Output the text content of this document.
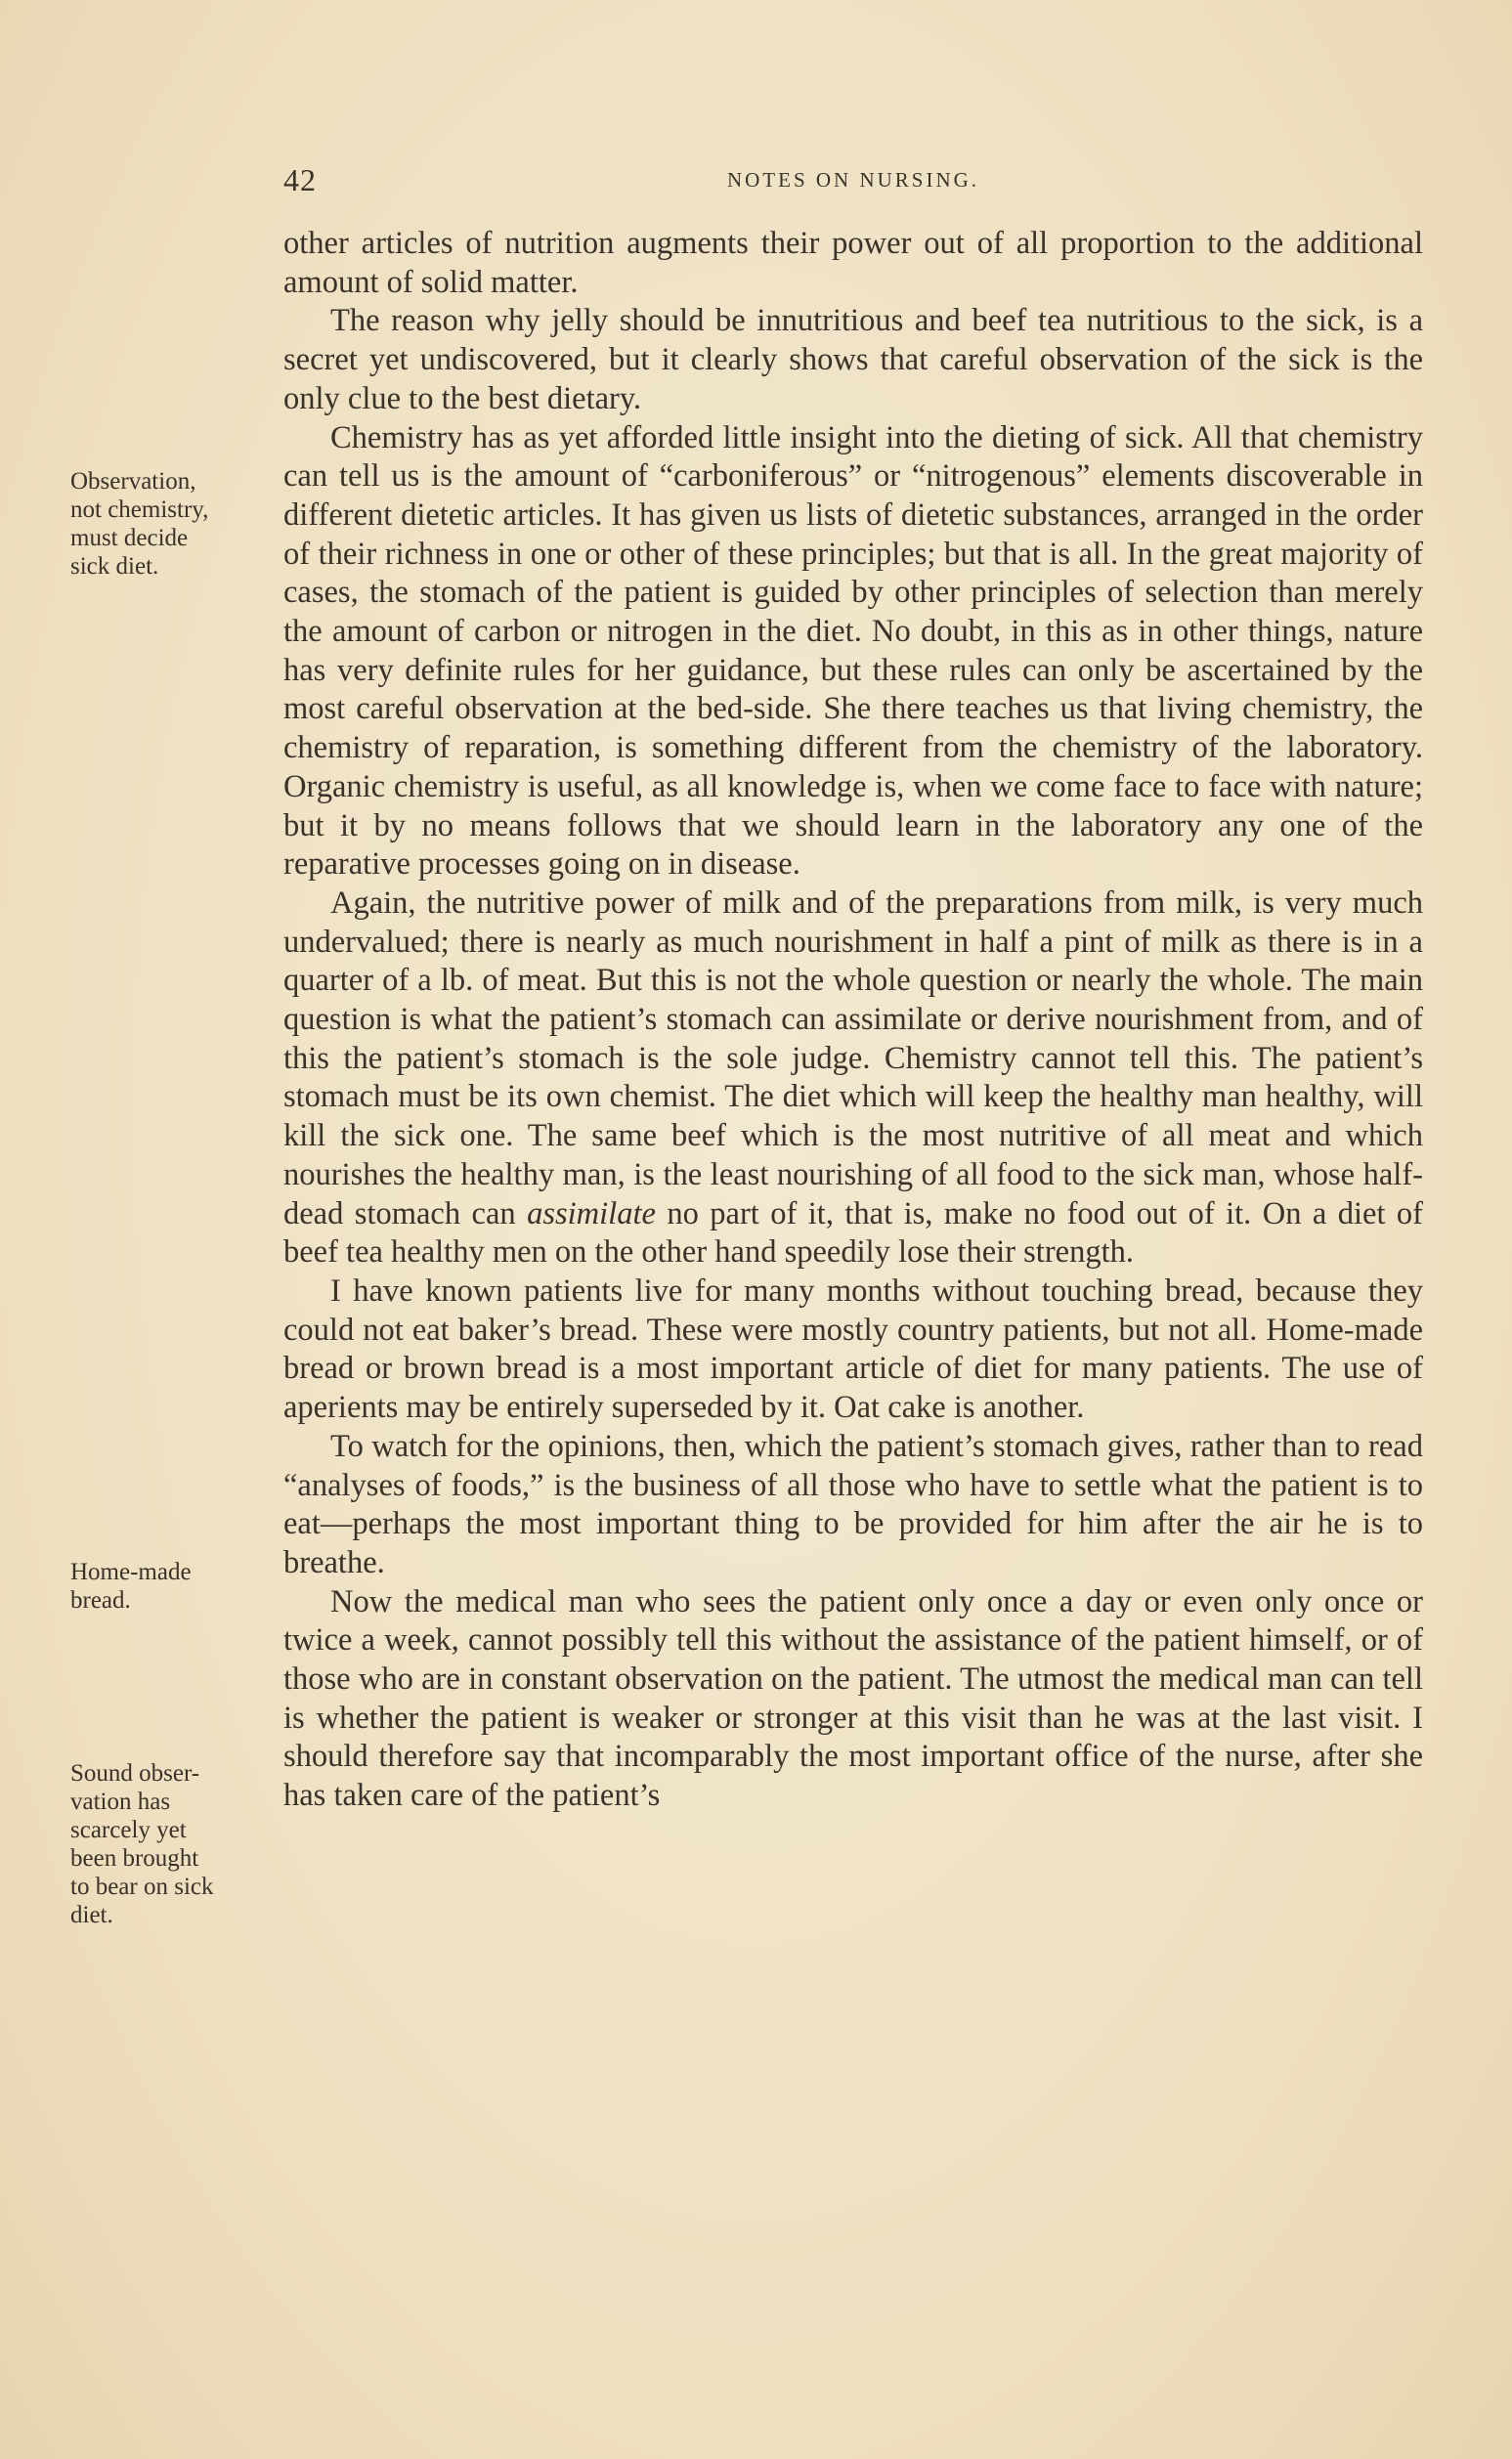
42	NOTES ON NURSING.
Observation,
not chemistry,
must decide
sick diet.
Home-made
bread.
Sound obser-
vation has
scarcely yet
been brought
to bear on sick
diet.

other articles of nutrition augments their power out of all proportion to the additional amount of solid matter.

The reason why jelly should be innutritious and beef tea nutritious to the sick, is a secret yet undiscovered, but it clearly shows that careful observation of the sick is the only clue to the best dietary.

Chemistry has as yet afforded little insight into the dieting of sick. All that chemistry can tell us is the amount of “carboniferous” or “nitrogenous” elements discoverable in different dietetic articles. It has given us lists of dietetic substances, arranged in the order of their richness in one or other of these principles; but that is all. In the great majority of cases, the stomach of the patient is guided by other principles of selection than merely the amount of carbon or nitrogen in the diet. No doubt, in this as in other things, nature has very definite rules for her guidance, but these rules can only be ascertained by the most careful observation at the bed-side. She there teaches us that living chemistry, the chemistry of reparation, is something different from the chemistry of the laboratory. Organic chemistry is useful, as all knowledge is, when we come face to face with nature; but it by no means follows that we should learn in the laboratory any one of the reparative processes going on in disease.

Again, the nutritive power of milk and of the preparations from milk, is very much undervalued; there is nearly as much nourishment in half a pint of milk as there is in a quarter of a lb. of meat. But this is not the whole question or nearly the whole. The main question is what the patient’s stomach can assimilate or derive nourishment from, and of this the patient’s stomach is the sole judge. Chemistry cannot tell this. The patient’s stomach must be its own chemist. The diet which will keep the healthy man healthy, will kill the sick one. The same beef which is the most nutritive of all meat and which nourishes the healthy man, is the least nourishing of all food to the sick man, whose half-dead stomach can assimilate no part of it, that is, make no food out of it. On a diet of beef tea healthy men on the other hand speedily lose their strength.

I have known patients live for many months without touching bread, because they could not eat baker’s bread. These were mostly country patients, but not all. Home-made bread or brown bread is a most important article of diet for many patients. The use of aperients may be entirely superseded by it. Oat cake is another.

To watch for the opinions, then, which the patient’s stomach gives, rather than to read “analyses of foods,” is the business of all those who have to settle what the patient is to eat—perhaps the most important thing to be provided for him after the air he is to breathe.

Now the medical man who sees the patient only once a day or even only once or twice a week, cannot possibly tell this without the assistance of the patient himself, or of those who are in constant observation on the patient. The utmost the medical man can tell is whether the patient is weaker or stronger at this visit than he was at the last visit. I should therefore say that incomparably the most important office of the nurse, after she has taken care of the patient’s
